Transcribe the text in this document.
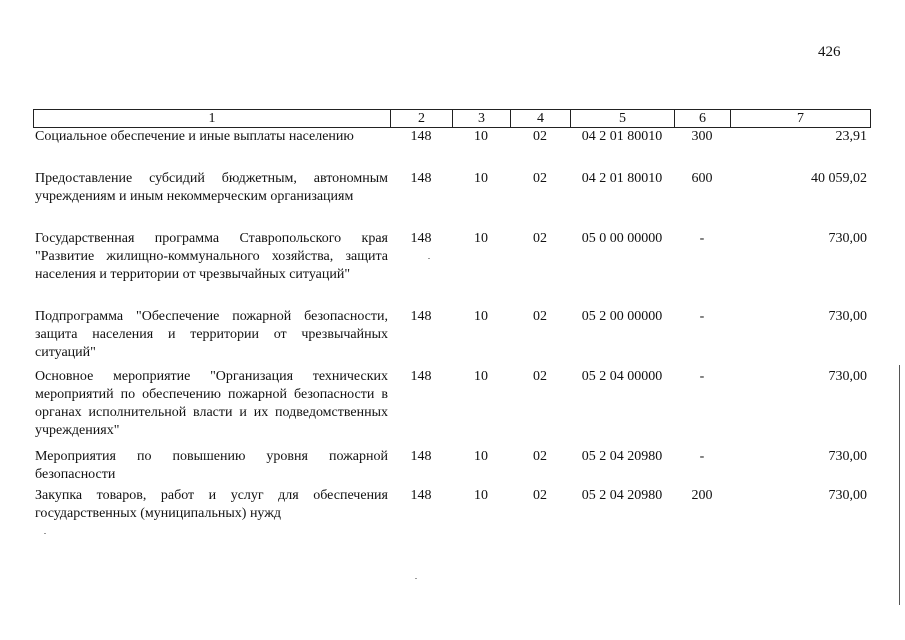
426
1	2	3	4	5	6	7
Социальное обеспечение и иные выплаты населению	148	10	02	04 2 01 80010	300	23,91
Предоставление субсидий бюджетным, автономным учреждениям и иным некоммерческим организациям	148	10	02	04 2 01 80010	600	40 059,02
Государственная программа Ставропольского края "Развитие жилищно-коммунального хозяйства, защита населения и территории от чрезвычайных ситуаций"	148	10	02	05 0 00 00000	-	730,00
Подпрограмма "Обеспечение пожарной безопасности, защита населения и территории от чрезвычайных ситуаций"	148	10	02	05 2 00 00000	-	730,00
Основное мероприятие "Организация технических мероприятий по обеспечению пожарной безопасности в органах исполнительной власти и их подведомственных учреждениях"	148	10	02	05 2 04 00000	-	730,00
Мероприятия по повышению уровня пожарной безопасности	148	10	02	05 2 04 20980	-	730,00
Закупка товаров, работ и услуг для обеспечения государственных (муниципальных) нужд	148	10	02	05 2 04 20980	200	730,00
